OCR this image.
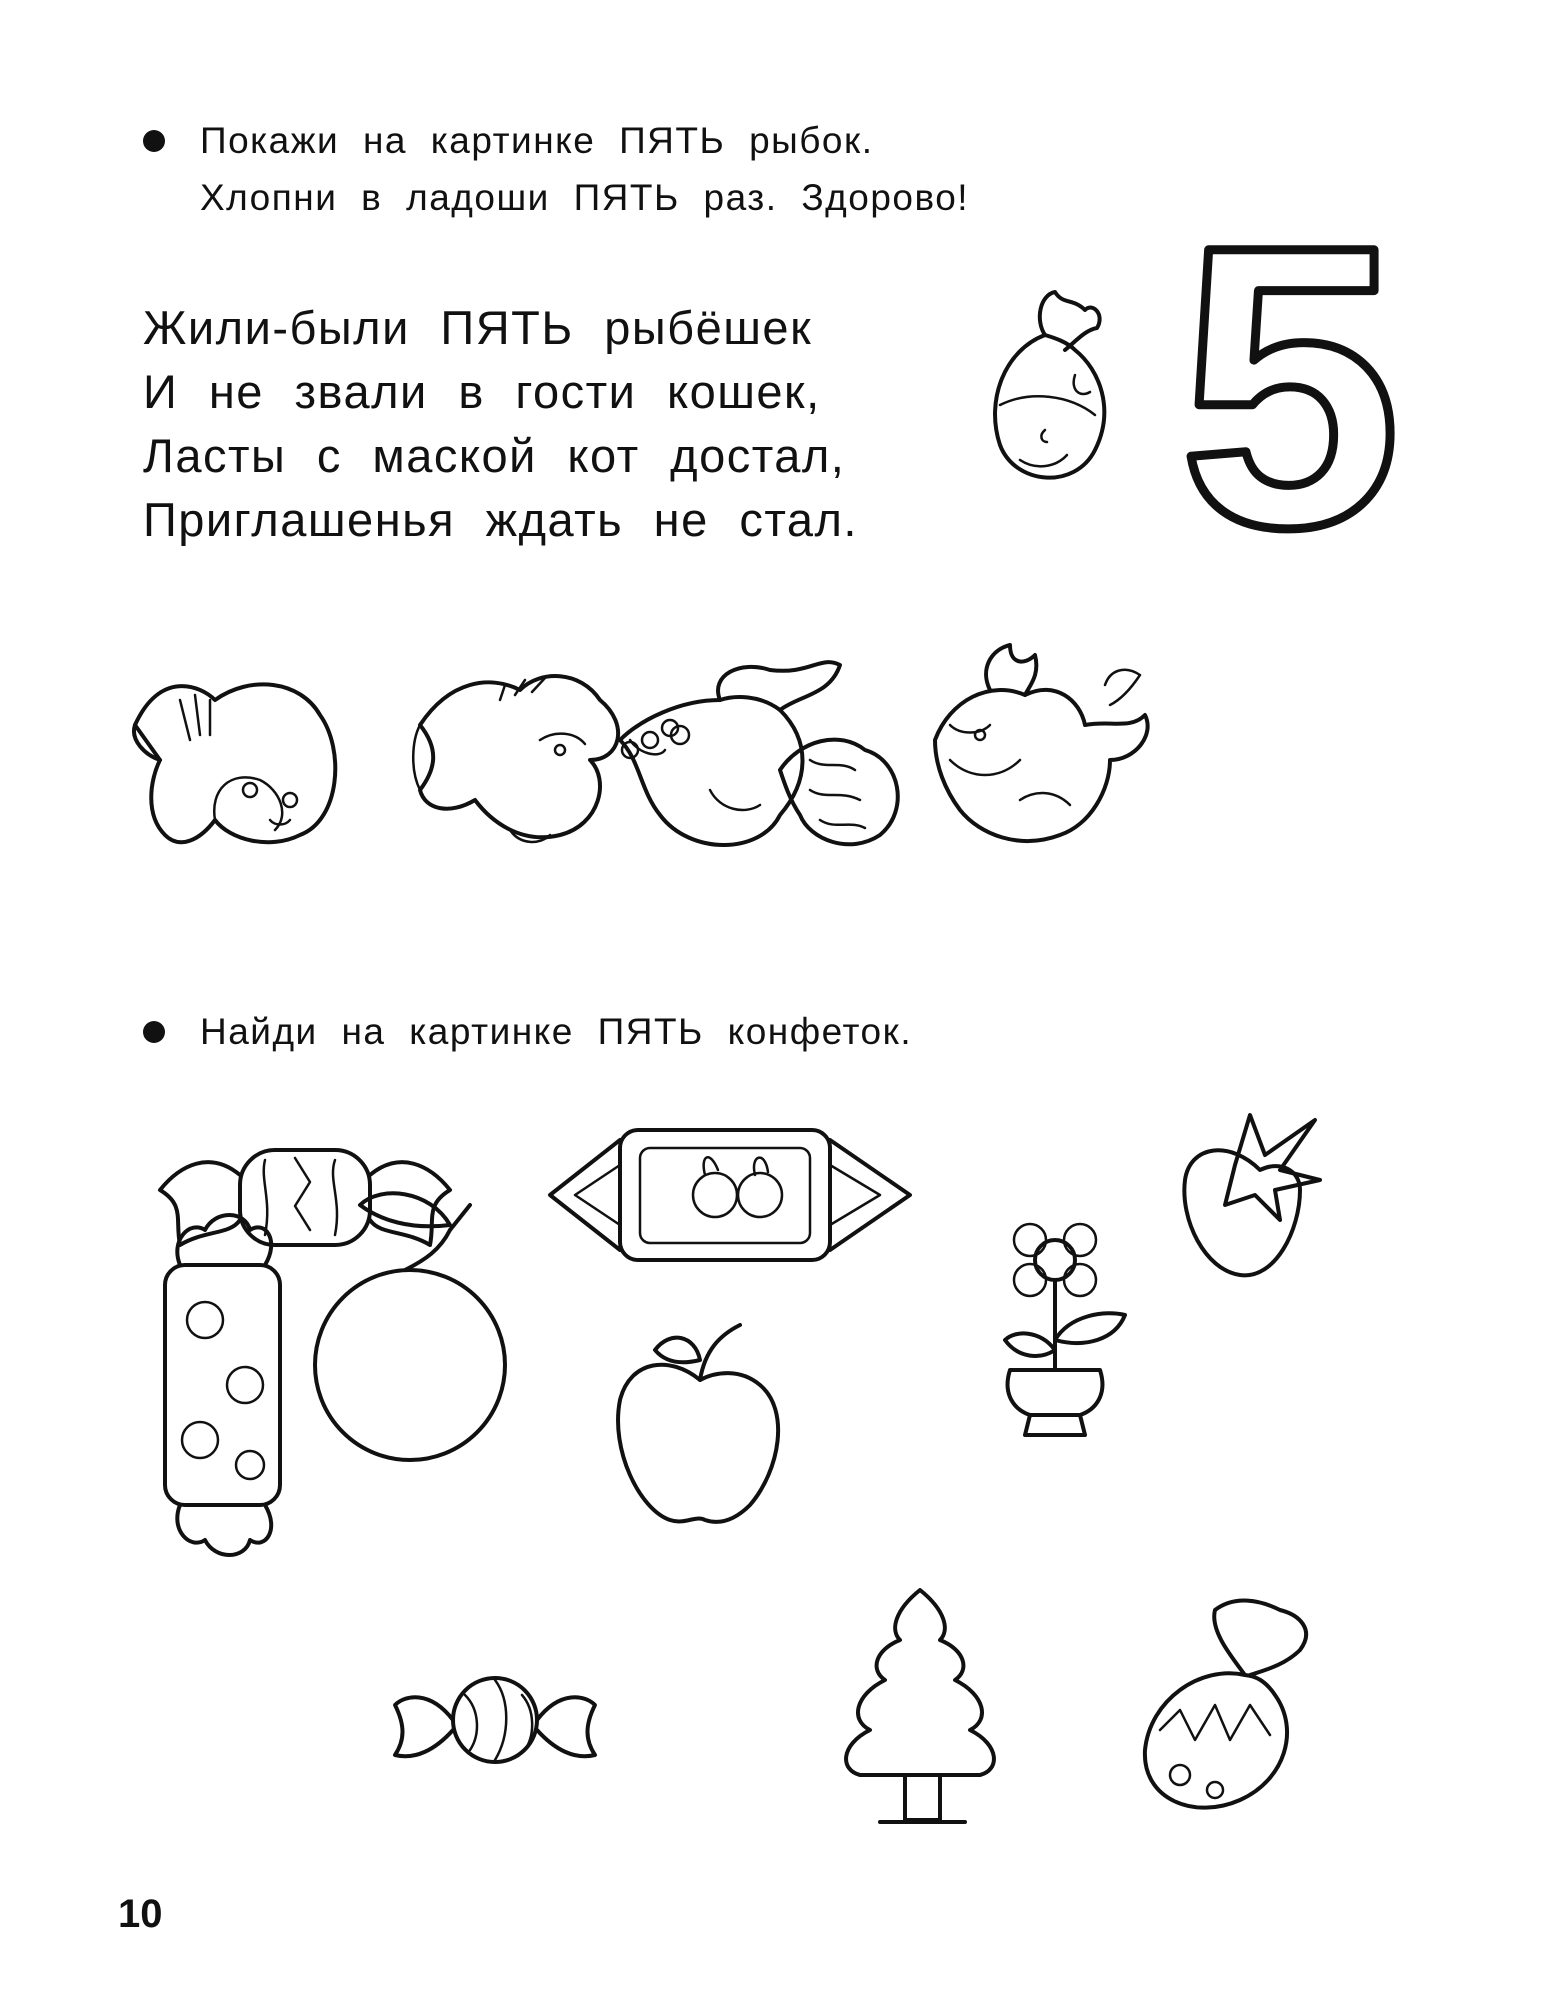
Покажи на картинке ПЯТЬ рыбок.
Хлопни в ладоши ПЯТЬ раз. Здорово!
Жили-были ПЯТЬ рыбёшек
И не звали в гости кошек,
Ласты с маской кот достал,
Приглашенья ждать не стал. 5
Найди на картинке ПЯТЬ конфеток.
10
